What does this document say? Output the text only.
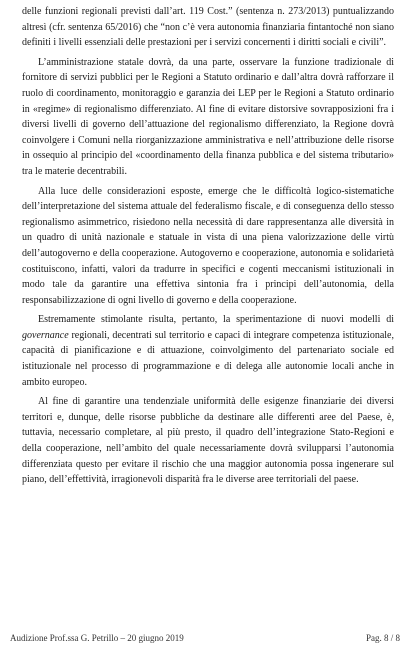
delle funzioni regionali previsti dall’art. 119 Cost.” (sentenza n. 273/2013) puntualizzando altresì (cfr. sentenza 65/2016) che “non c’è vera autonomia finanziaria fintantoché non siano definiti i livelli essenziali delle prestazioni per i servizi concernenti i diritti sociali e civili”.

L’amministrazione statale dovrà, da una parte, osservare la funzione tradizionale di fornitore di servizi pubblici per le Regioni a Statuto ordinario e dall’altra dovrà rafforzare il ruolo di coordinamento, monitoraggio e garanzia dei LEP per le Regioni a Statuto ordinario in «regime» di regionalismo differenziato. Al fine di evitare distorsive sovrapposizioni fra i diversi livelli di governo dell’attuazione del regionalismo differenziato, la Regione dovrà coinvolgere i Comuni nella riorganizzazione amministrativa e nell’attribuzione delle risorse in ossequio al principio del «coordinamento della finanza pubblica e del sistema tributario» tra le materie decentrabili.

Alla luce delle considerazioni esposte, emerge che le difficoltà logico-sistematiche dell’interpretazione del sistema attuale del federalismo fiscale, e di conseguenza dello stesso regionalismo asimmetrico, risiedono nella necessità di dare rappresentanza alle diversità in un quadro di unità nazionale e statuale in vista di una piena valorizzazione delle virtù dell’autogoverno e della cooperazione. Autogoverno e cooperazione, autonomia e solidarietà costituiscono, infatti, valori da tradurre in specifici e cogenti meccanismi istituzionali in modo tale da garantire una effettiva sintonia fra i principi dell’autonomia, della responsabilizzazione di ogni livello di governo e della cooperazione.

Estremamente stimolante risulta, pertanto, la sperimentazione di nuovi modelli di governance regionali, decentrati sul territorio e capaci di integrare competenza istituzionale, capacità di pianificazione e di attuazione, coinvolgimento del partenariato sociale ed istituzionale nel processo di programmazione e di delega alle autonomie locali anche in ambito europeo.

Al fine di garantire una tendenziale uniformità delle esigenze finanziarie dei diversi territori e, dunque, delle risorse pubbliche da destinare alle differenti aree del Paese, è, tuttavia, necessario completare, al più presto, il quadro dell’integrazione Stato-Regioni e della cooperazione, nell’ambito del quale necessariamente dovrà svilupparsi l’autonomia differenziata questo per evitare il rischio che una maggior autonomia possa ingenerare sul piano, dell’effettività, irragionevoli disparità fra le diverse aree territoriali del paese.

Audizione Prof.ssa G. Petrillo – 20 giugno 2019	Pag. 8 / 8
